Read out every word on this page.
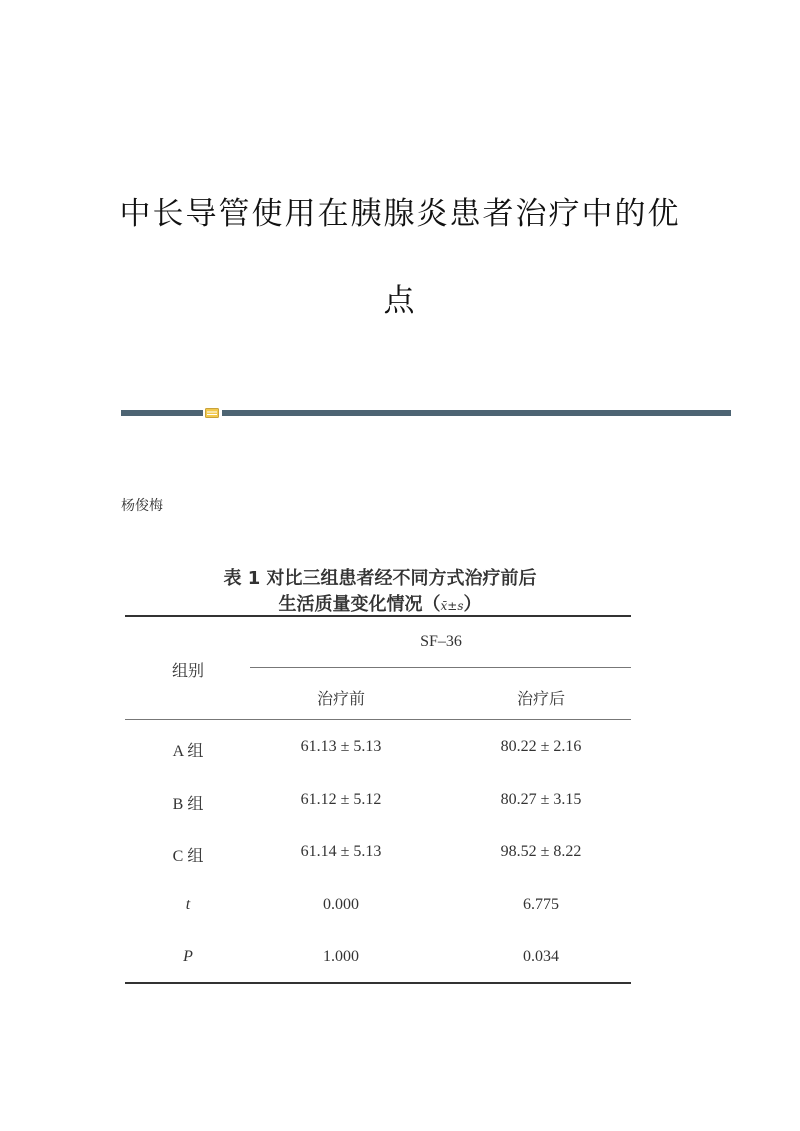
中长导管使用在胰腺炎患者治疗中的优
点
杨俊梅
表 1 对比三组患者经不同方式治疗前后
生活质量变化情况（x̄±s）
组别
SF–36
治疗前	治疗后
A 组	61.13 ± 5.13	80.22 ± 2.16
B 组	61.12 ± 5.12	80.27 ± 3.15
C 组	61.14 ± 5.13	98.52 ± 8.22
t	0.000	6.775
P	1.000	0.034
